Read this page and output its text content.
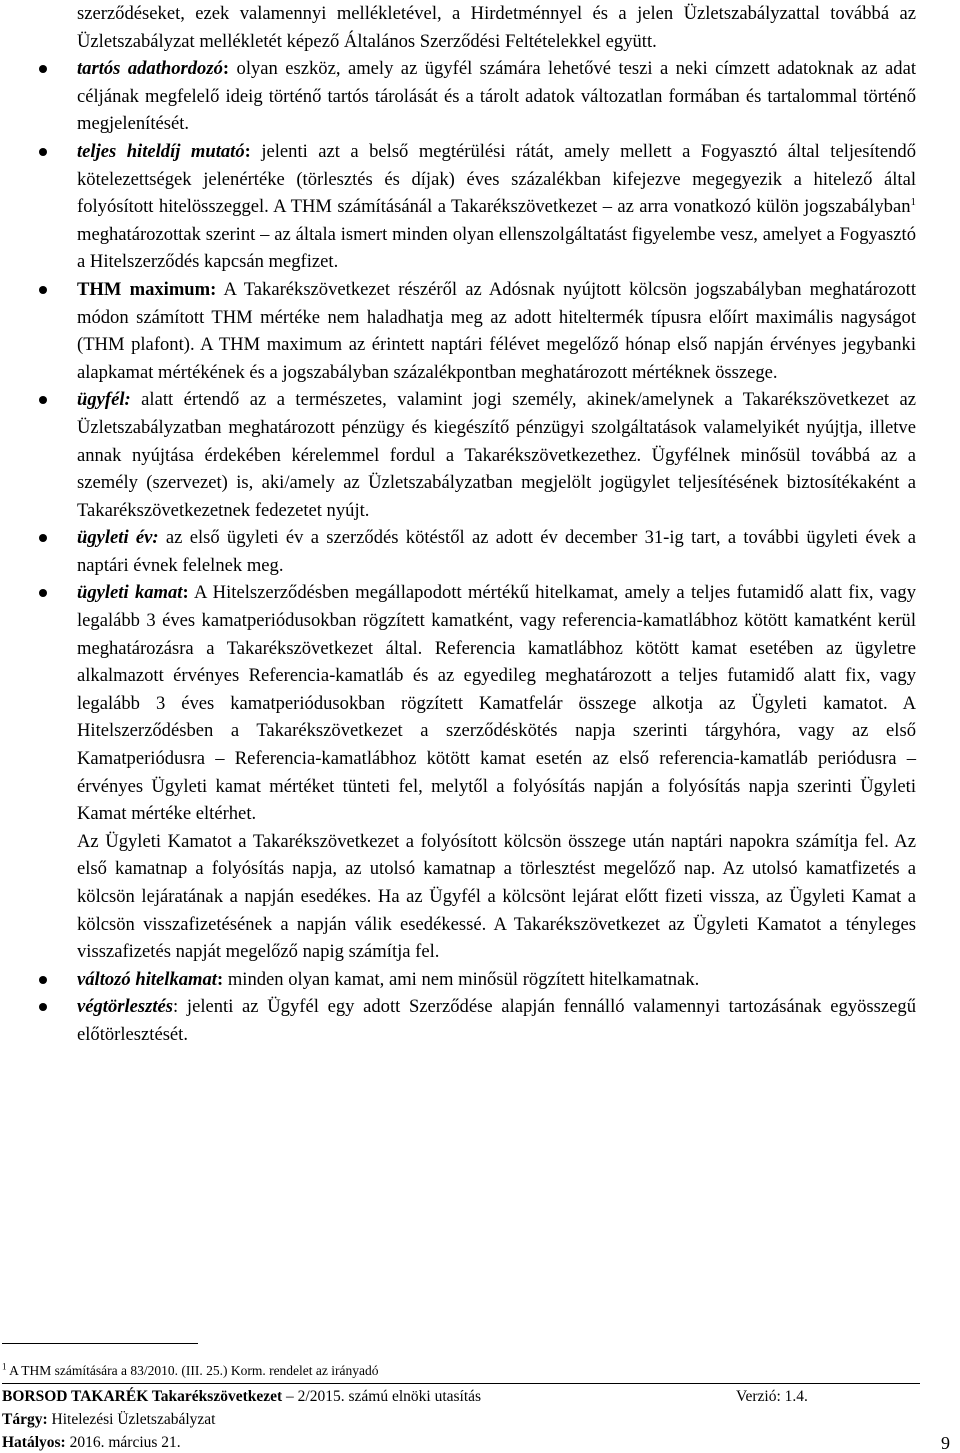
szerződéseket, ezek valamennyi mellékletével, a Hirdetménnyel és a jelen Üzletszabályzattal továbbá az Üzletszabályzat mellékletét képező Általános Szerződési Feltételekkel együtt.

tartós adathordozó: olyan eszköz, amely az ügyfél számára lehetővé teszi a neki címzett adatoknak az adat céljának megfelelő ideig történő tartós tárolását és a tárolt adatok változatlan formában és tartalommal történő megjelenítését.
teljes hiteldíj mutató: jelenti azt a belső megtérülési rátát, amely mellett a Fogyasztó által teljesítendő kötelezettségek jelenértéke (törlesztés és díjak) éves százalékban kifejezve megegyezik a hitelező által folyósított hitelösszeggel. A THM számításánál a Takarékszövetkezet – az arra vonatkozó külön jogszabályban$^1$ meghatározottak szerint – az általa ismert minden olyan ellenszolgáltatást figyelembe vesz, amelyet a Fogyasztó a Hitelszerződés kapcsán megfizet.
THM maximum: A Takarékszövetkezet részéről az Adósnak nyújtott kölcsön jogszabályban meghatározott módon számított THM mértéke nem haladhatja meg az adott hiteltermék típusra előírt maximális nagyságot (THM plafont). A THM maximum az érintett naptári félévet megelőző hónap első napján érvényes jegybanki alapkamat mértékének és a jogszabályban százalékpontban meghatározott mértéknek összege.
ügyfél: alatt értendő az a természetes, valamint jogi személy, akinek/amelynek a Takarékszövetkezet az Üzletszabályzatban meghatározott pénzügy és kiegészítő pénzügyi szolgáltatások valamelyikét nyújtja, illetve annak nyújtása érdekében kérelemmel fordul a Takarékszövetkezethez. Ügyfélnek minősül továbbá az a személy (szervezet) is, aki/amely az Üzletszabályzatban megjelölt jogügylet teljesítésének biztosítékaként a Takarékszövetkezetnek fedezetet nyújt.
ügyleti év: az első ügyleti év a szerződés kötéstől az adott év december 31-ig tart, a további ügyleti évek a naptári évnek felelnek meg.
ügyleti kamat: A Hitelszerződésben megállapodott mértékű hitelkamat, amely a teljes futamidő alatt fix, vagy legalább 3 éves kamatperiódusokban rögzített kamatként, vagy referencia-kamatlábhoz kötött kamatként kerül meghatározásra a Takarékszövetkezet által. Referencia kamatlábhoz kötött kamat esetében az ügyletre alkalmazott érvényes Referencia-kamatláb és az egyedileg meghatározott a teljes futamidő alatt fix, vagy legalább 3 éves kamatperiódusokban rögzített Kamatfelár összege alkotja az Ügyleti kamatot. A Hitelszerződésben a Takarékszövetkezet a szerződéskötés napja szerinti tárgyhóra, vagy az első Kamatperiódusra – Referencia-kamatlábhoz kötött kamat esetén az első referencia-kamatláb periódusra – érvényes Ügyleti kamat mértéket tünteti fel, melytől a folyósítás napján a folyósítás napja szerinti Ügyleti Kamat mértéke eltérhet.
Az Ügyleti Kamatot a Takarékszövetkezet a folyósított kölcsön összege után naptári napokra számítja fel. Az első kamatnap a folyósítás napja, az utolsó kamatnap a törlesztést megelőző nap. Az utolsó kamatfizetés a kölcsön lejáratának a napján esedékes. Ha az Ügyfél a kölcsönt lejárat előtt fizeti vissza, az Ügyleti Kamat a kölcsön visszafizetésének a napján válik esedékessé. A Takarékszövetkezet az Ügyleti Kamatot a tényleges visszafizetés napját megelőző napig számítja fel.
változó hitelkamat: minden olyan kamat, ami nem minősül rögzített hitelkamatnak.
végtörlesztés: jelenti az Ügyfél egy adott Szerződése alapján fennálló valamennyi tartozásának egyösszegű előtörlesztését.
$^1$ A THM számítására a 83/2010. (III. 25.) Korm. rendelet az irányadó
BORSOD TAKARÉK Takarékszövetkezet – 2/2015. számú elnöki utasítás	Verzió: 1.4.
Tárgy: Hitelezési Üzletszabályzat
Hatályos: 2016. március 21.	9
